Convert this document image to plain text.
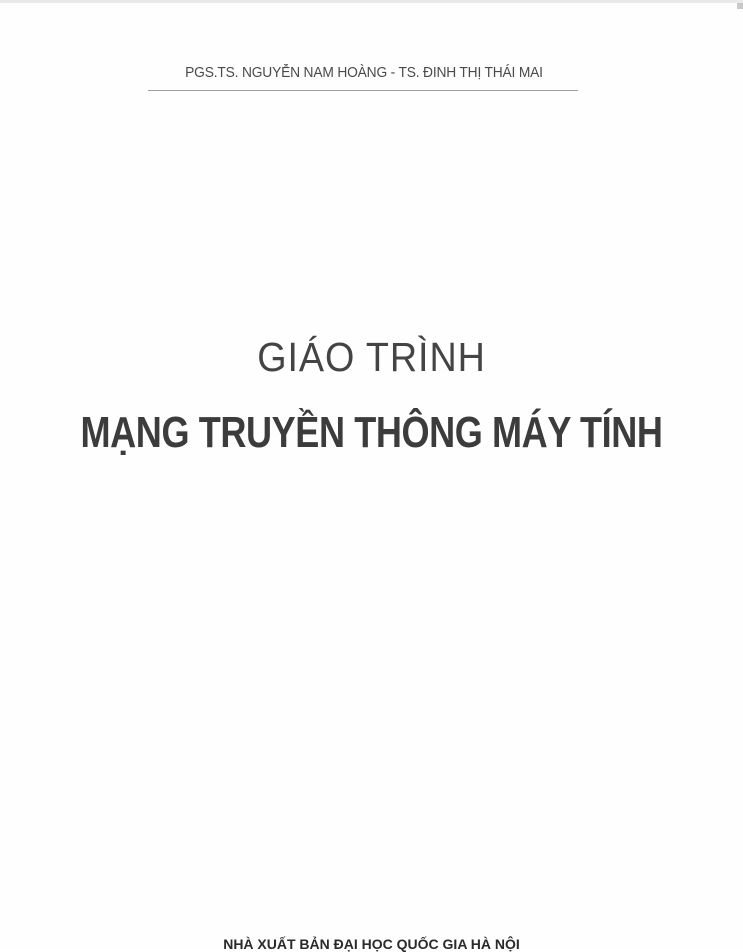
PGS.TS. NGUYỄN NAM HOÀNG - TS. ĐINH THỊ THÁI MAI
GIÁO TRÌNH
MẠNG TRUYỀN THÔNG MÁY TÍNH
NHÀ XUẤT BẢN ĐẠI HỌC QUỐC GIA HÀ NỘI
